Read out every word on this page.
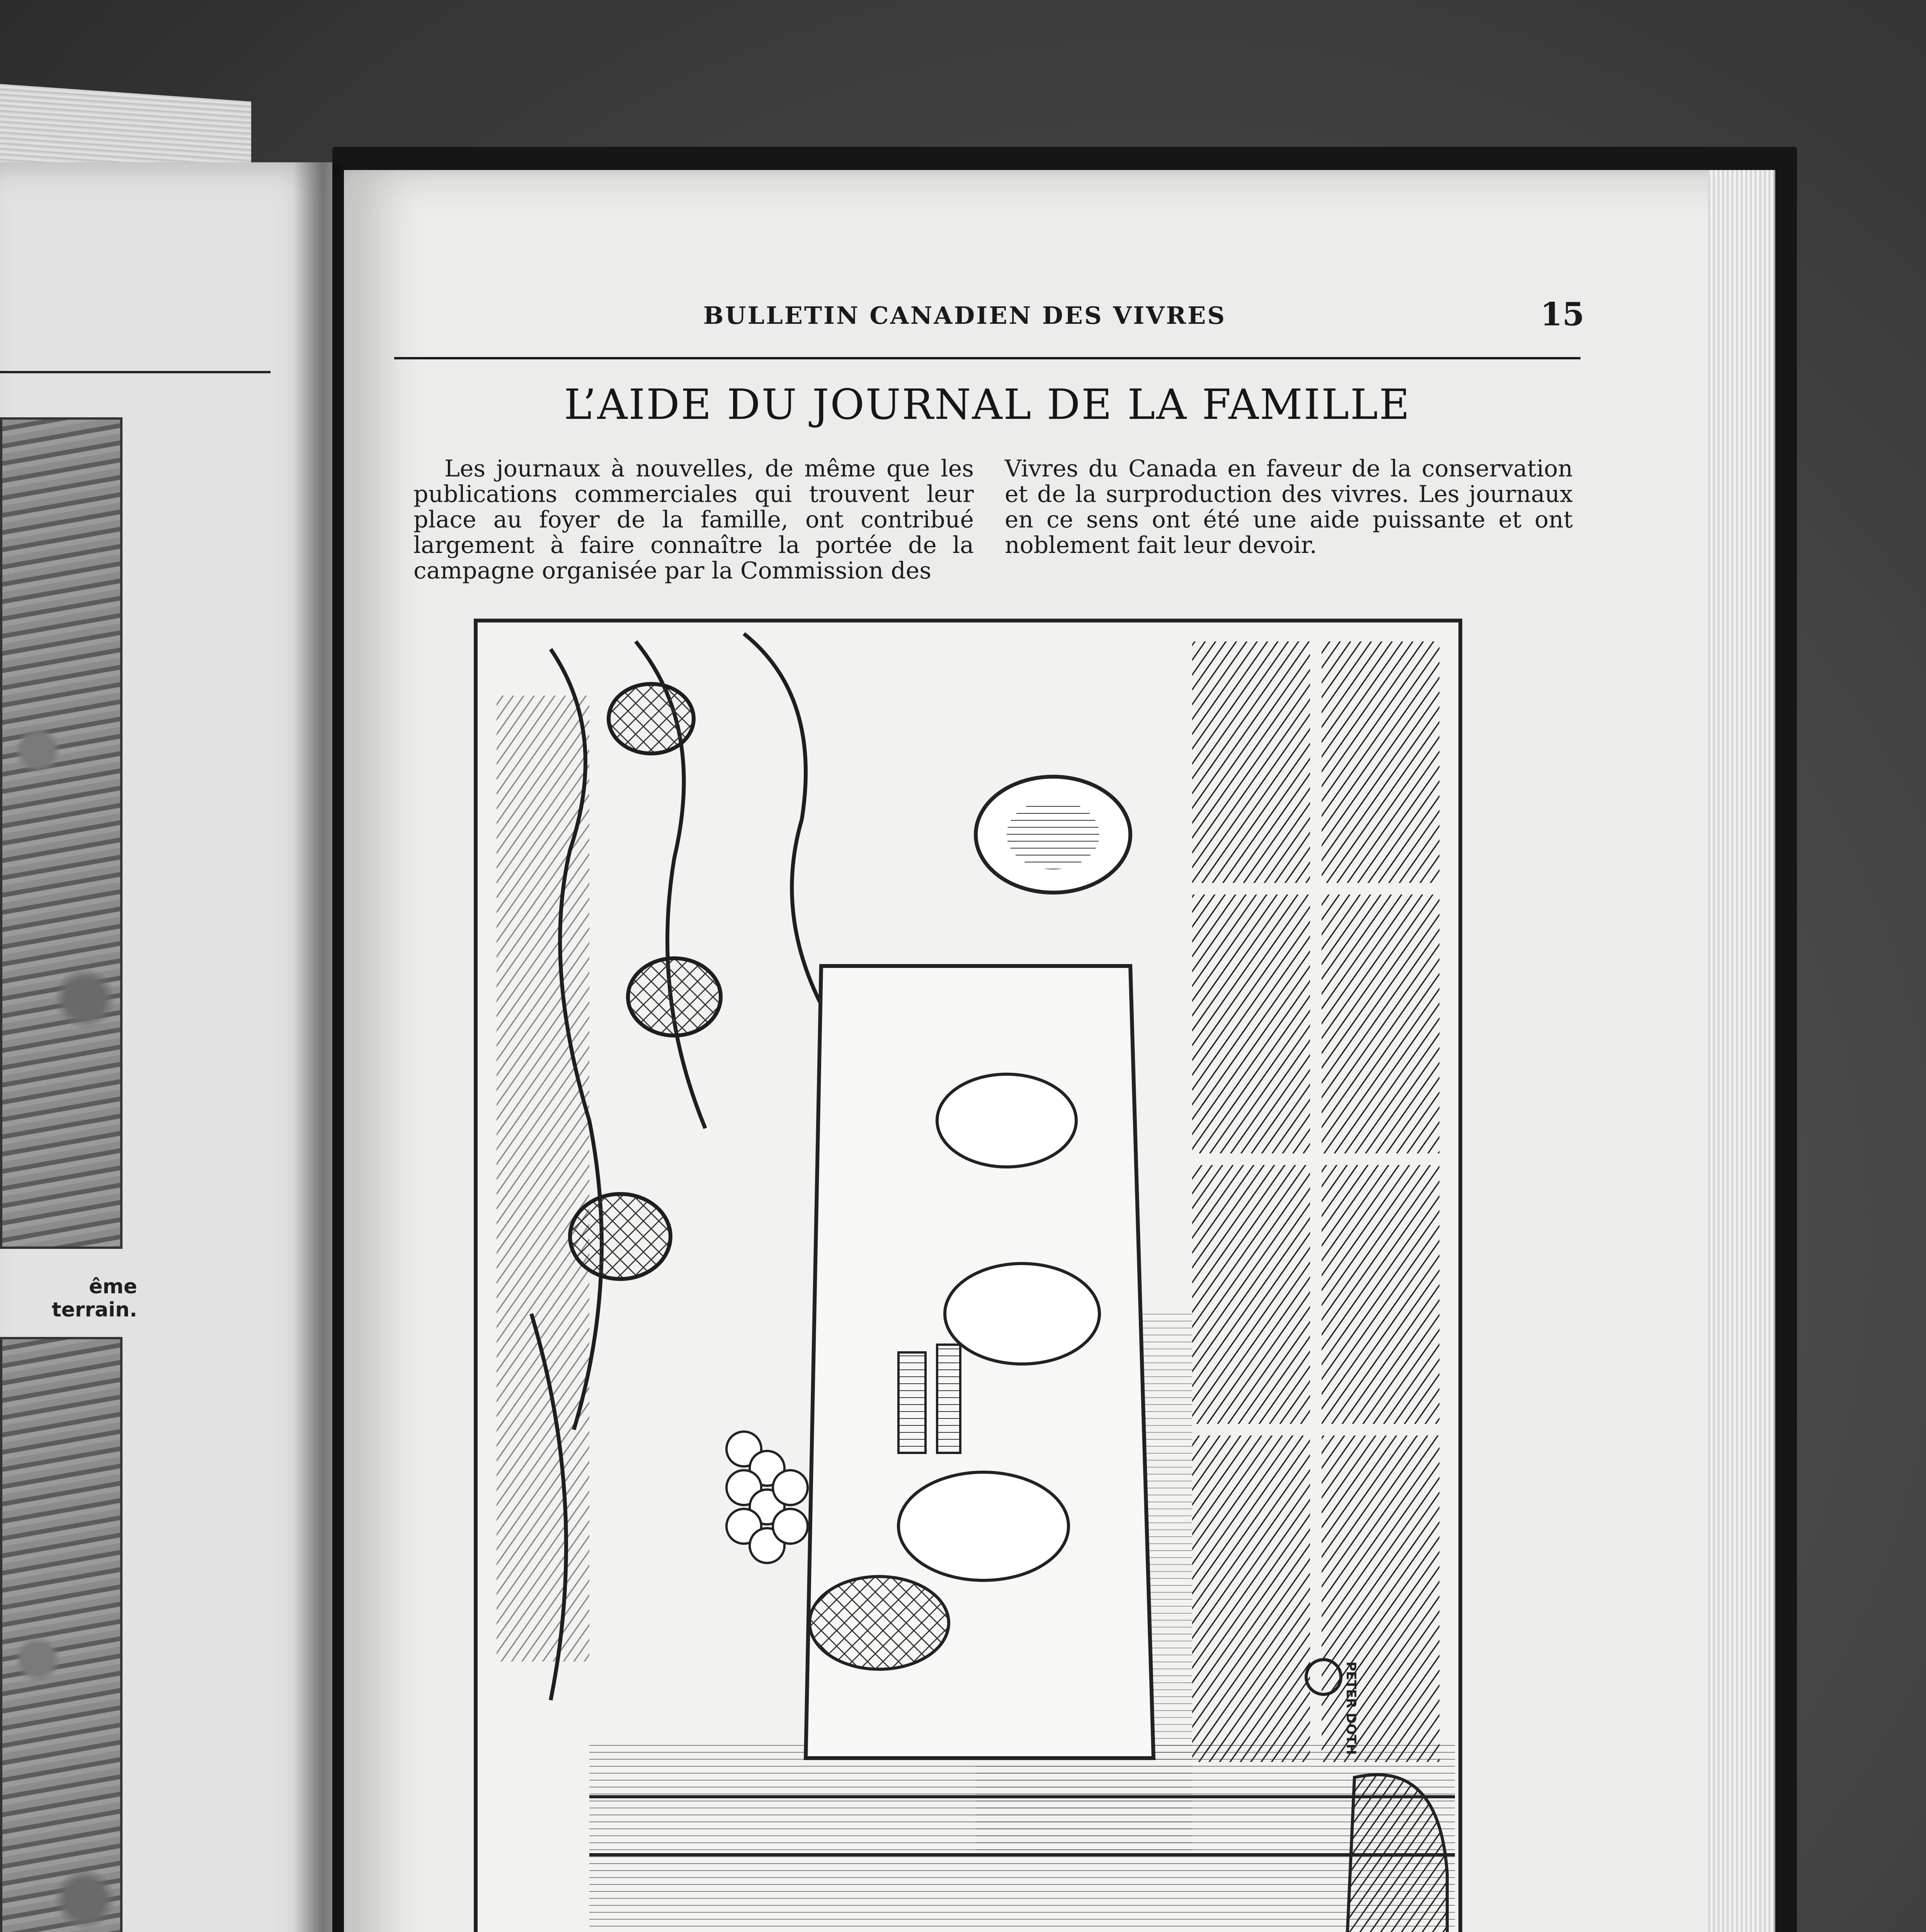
ême terrain.
BULLETIN CANADIEN DES VIVRES	15
L’AIDE DU JOURNAL DE LA FAMILLE

Les journaux à nouvelles, de même que les publications commerciales qui trouvent leur place au foyer de la famille, ont contribué largement à faire connaître la portée de la campagne organisée par la Commission des

Vivres du Canada en faveur de la conservation et de la surproduction des vivres. Les journaux en ce sens ont été une aide puissante et ont noblement fait leur devoir.

PETER DOTH
